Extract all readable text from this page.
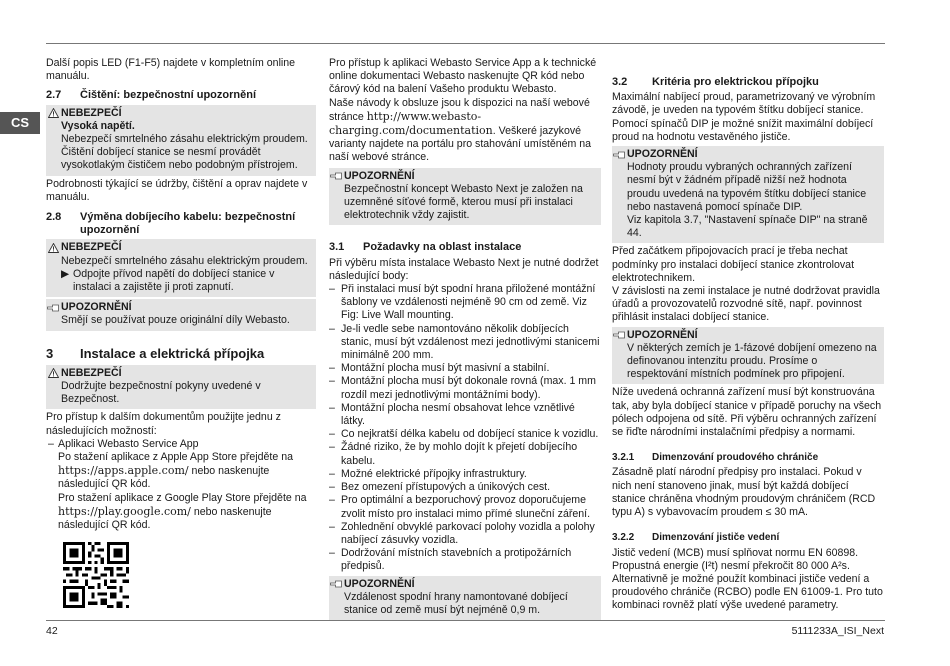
CS

Další popis LED (F1-F5) najdete v kompletním online manuálu.

2.7	Čištění: bezpečnostní upozornění
NEBEZPEČÍ
Vysoká napětí.
Nebezpečí smrtelného zásahu elektrickým proudem.
Čištění dobíjecí stanice se nesmí provádět vysokotlakým čističem nebo podobným přístrojem.

Podrobnosti týkající se údržby, čištění a oprav najdete v manuálu.

2.8	Výměna dobíjecího kabelu: bezpečnostní upozornění
NEBEZPEČÍ
Nebezpečí smrtelného zásahu elektrickým proudem.
▶ Odpojte přívod napětí do dobíjecí stanice v instalaci a zajistěte ji proti zapnutí.
UPOZORNĚNÍ
Smějí se používat pouze originální díly Webasto.
3	Instalace a elektrická přípojka
NEBEZPEČÍ
Dodržujte bezpečnostní pokyny uvedené v Bezpečnost.

Pro přístup k dalším dokumentům použijte jednu z následujících možností:

– Aplikaci Webasto Service App
Po stažení aplikace z Apple App Store přejděte na
https://apps.apple.com/ nebo naskenujte následující QR kód.
Pro stažení aplikace z Google Play Store přejděte na
https://play.google.com/ nebo naskenujte následující QR kód.

Pro přístup k aplikaci Webasto Service App a k technické online dokumentaci Webasto naskenujte QR kód nebo čárový kód na balení Vašeho produktu Webasto.

Naše návody k obsluze jsou k dispozici na naší webové stránce http://www.webasto-charging.com/documentation. Veškeré jazykové varianty najdete na portálu pro stahování umístěném na naší webové stránce.

UPOZORNĚNÍ
Bezpečnostní koncept Webasto Next je založen na uzemněné síťové formě, kterou musí při instalaci elektrotechnik vždy zajistit.
3.1	Požadavky na oblast instalace

Při výběru místa instalace Webasto Next je nutné dodržet následující body:

– Při instalaci musí být spodní hrana přiložené montážní šablony ve vzdálenosti nejméně 90 cm od země. Viz Fig: Live Wall mounting.
– Je-li vedle sebe namontováno několik dobíjecích stanic, musí být vzdálenost mezi jednotlivými stanicemi minimálně 200 mm.
– Montážní plocha musí být masivní a stabilní.
– Montážní plocha musí být dokonale rovná (max. 1 mm rozdíl mezi jednotlivými montážními body).
– Montážní plocha nesmí obsahovat lehce vznětlivé látky.
– Co nejkratší délka kabelu od dobíjecí stanice k vozidlu.
– Žádné riziko, že by mohlo dojít k přejetí dobíjecího kabelu.
– Možné elektrické přípojky infrastruktury.
– Bez omezení přístupových a únikových cest.
– Pro optimální a bezporuchový provoz doporučujeme zvolit místo pro instalaci mimo přímé sluneční záření.
– Zohlednění obvyklé parkovací polohy vozidla a polohy nabíjecí zásuvky vozidla.
– Dodržování místních stavebních a protipožárních předpisů.
UPOZORNĚNÍ
Vzdálenost spodní hrany namontované dobíjecí stanice od země musí být nejméně 0,9 m.
3.2	Kritéria pro elektrickou přípojku

Maximální nabíjecí proud, parametrizovaný ve výrobním závodě, je uveden na typovém štítku dobíjecí stanice. Pomocí spínačů DIP je možné snížit maximální dobíjecí proud na hodnotu vestavěného jističe.

UPOZORNĚNÍ
Hodnoty proudu vybraných ochranných zařízení nesmí být v žádném případě nižší než hodnota proudu uvedená na typovém štítku dobíjecí stanice nebo nastavená pomocí spínače DIP.
Viz kapitola 3.7, "Nastavení spínače DIP" na straně 44.

Před začátkem připojovacích prací je třeba nechat podmínky pro instalaci dobíjecí stanice zkontrolovat elektrotechnikem.

V závislosti na zemi instalace je nutné dodržovat pravidla úřadů a provozovatelů rozvodné sítě, např. povinnost přihlásit instalaci dobíjecí stanice.

UPOZORNĚNÍ
V některých zemích je 1-fázové dobíjení omezeno na definovanou intenzitu proudu. Prosíme o respektování místních podmínek pro připojení.

Níže uvedená ochranná zařízení musí být konstruována tak, aby byla dobíjecí stanice v případě poruchy na všech pólech odpojena od sítě. Při výběru ochranných zařízení se řiďte národními instalačními předpisy a normami.

3.2.1	Dimenzování proudového chrániče

Zásadně platí národní předpisy pro instalaci. Pokud v nich není stanoveno jinak, musí být každá dobíjecí stanice chráněna vhodným proudovým chráničem (RCD typu A) s vybavovacím proudem ≤ 30 mA.

3.2.2	Dimenzování jističe vedení

Jistič vedení (MCB) musí splňovat normu EN 60898. Propustná energie (I²t) nesmí překročit 80 000 A²s. Alternativně je možné použít kombinaci jističe vedení a proudového chrániče (RCBO) podle EN 61009-1. Pro tuto kombinaci rovněž platí výše uvedené parametry.

42	5111233A_ISI_Next
